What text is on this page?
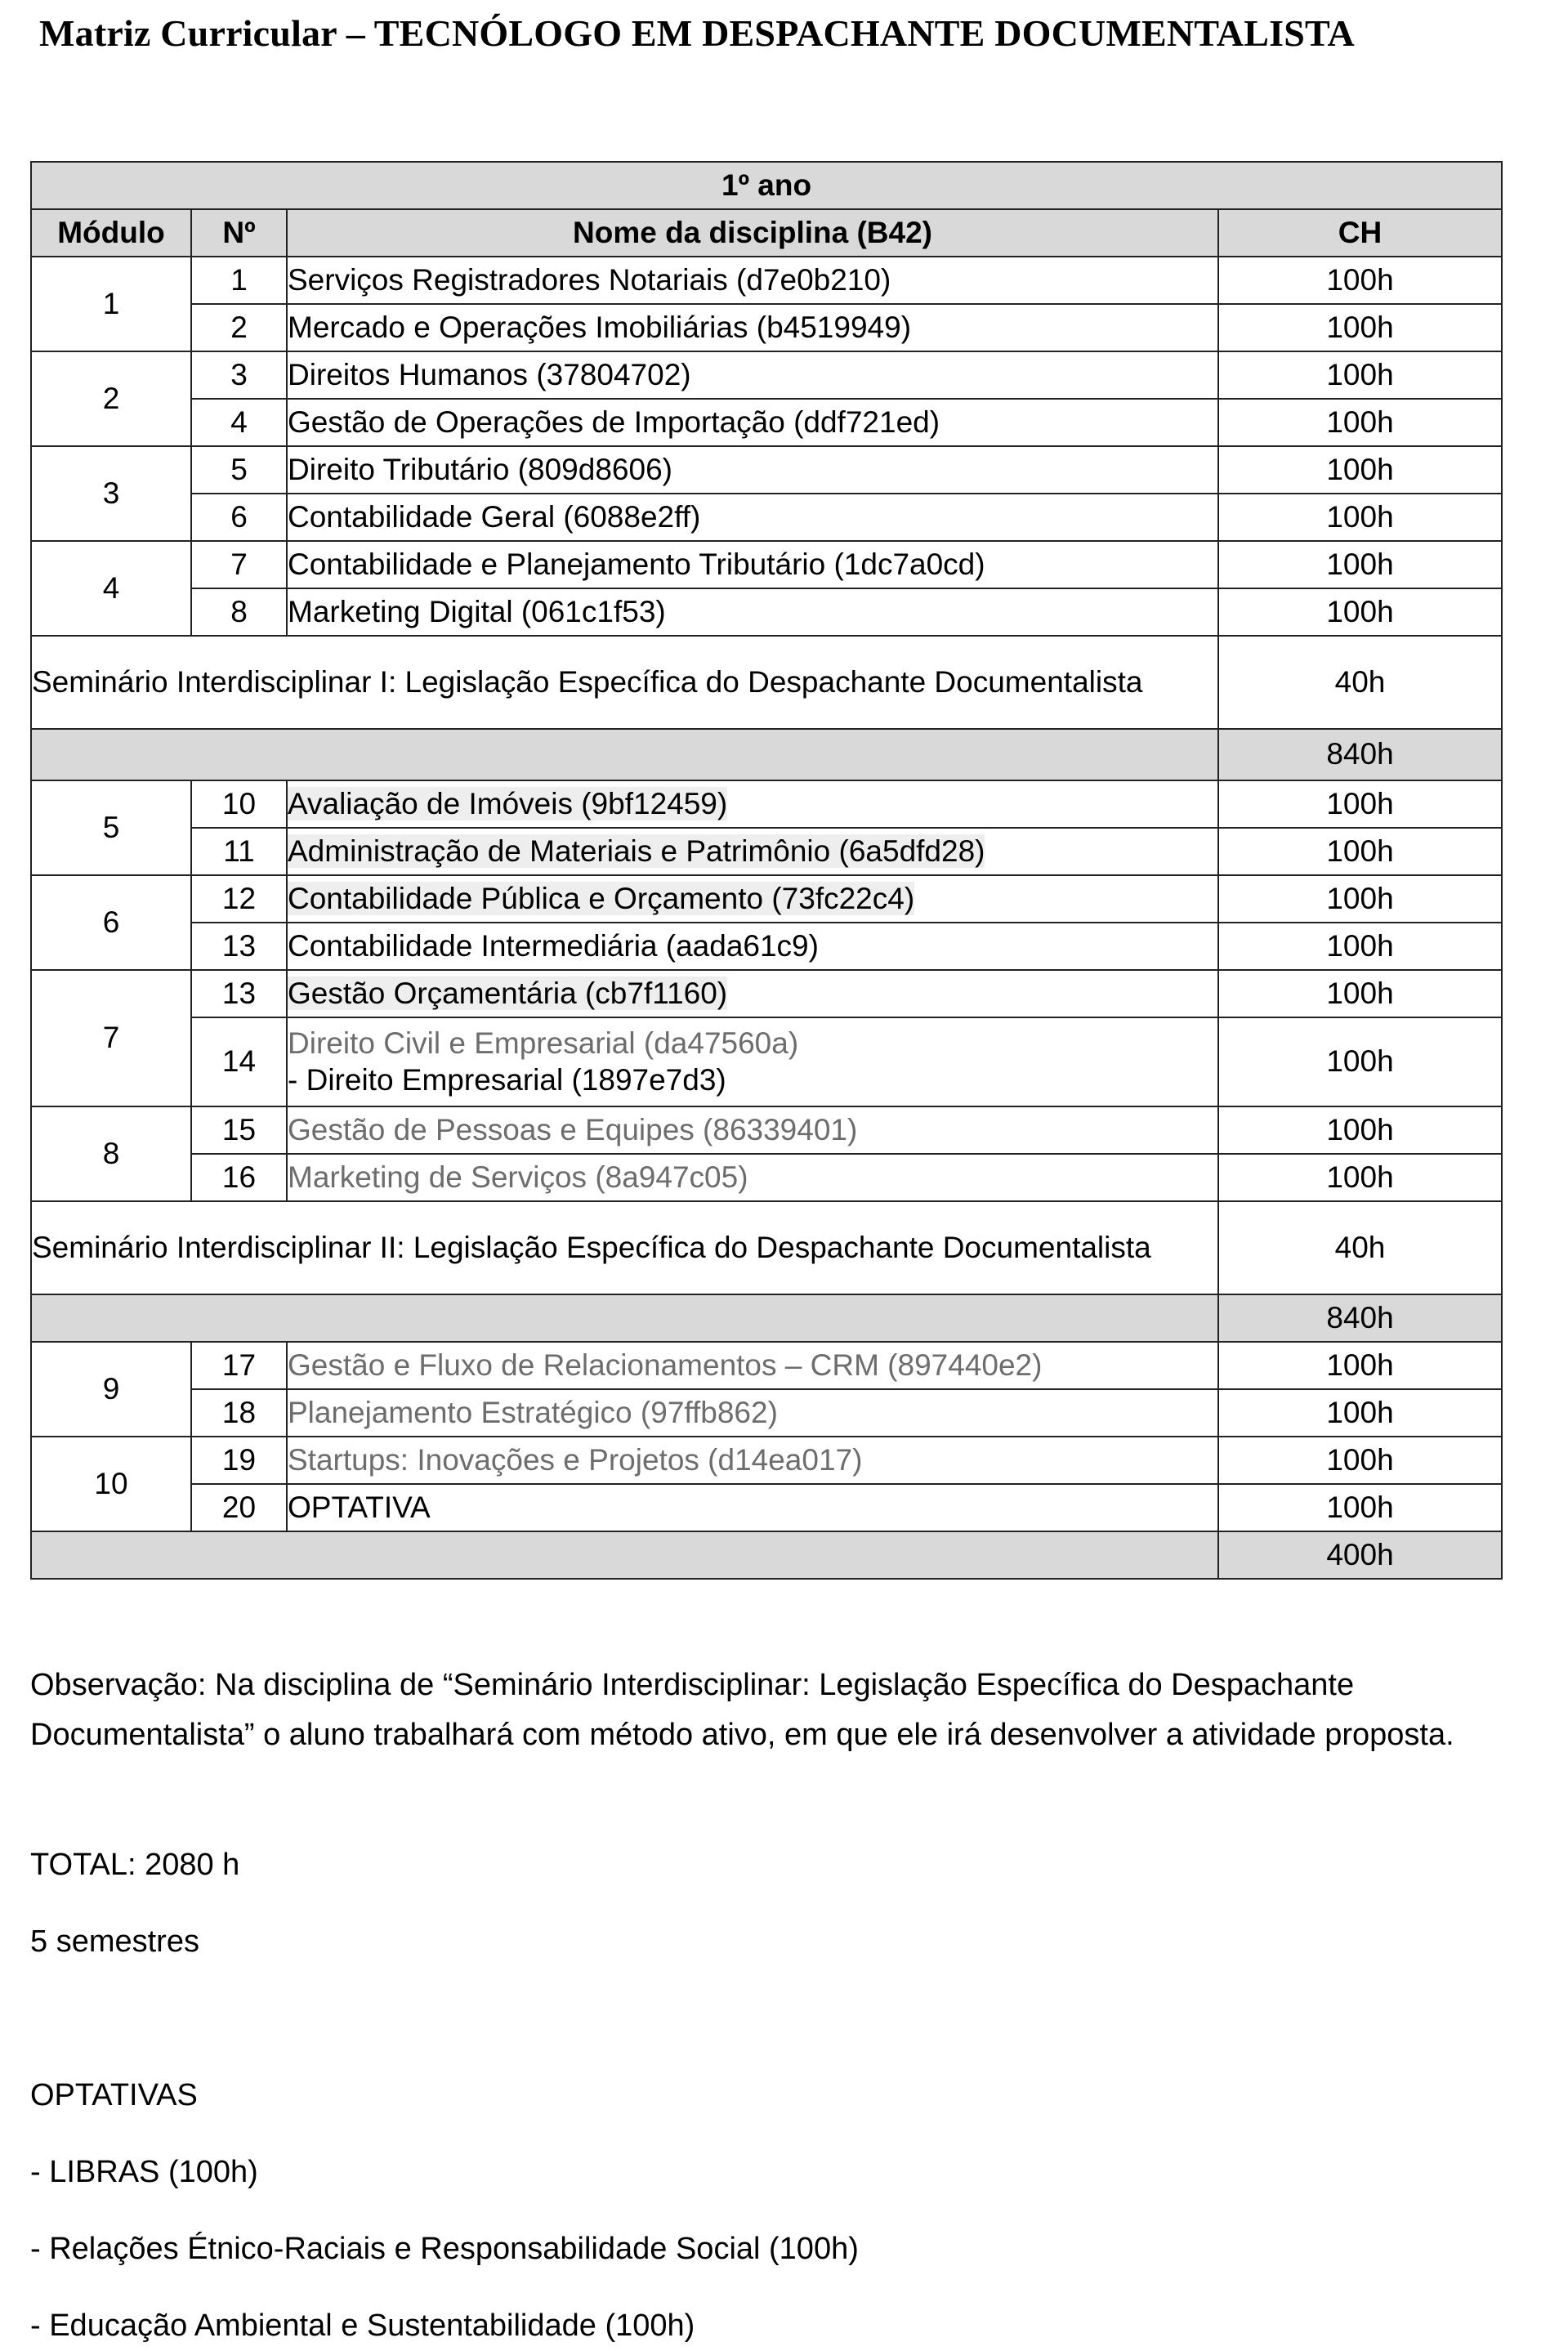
Matriz Curricular – TECNÓLOGO EM DESPACHANTE DOCUMENTALISTA
1º ano			
Módulo	Nº	Nome da disciplina (B42)	CH
1	1	Serviços Registradores Notariais (d7e0b210)	100h
	2	Mercado e Operações Imobiliárias (b4519949)	100h
2	3	Direitos Humanos (37804702)	100h
	4	Gestão de Operações de Importação (ddf721ed)	100h
3	5	Direito Tributário (809d8606)	100h
	6	Contabilidade Geral (6088e2ff)	100h
4	7	Contabilidade e Planejamento Tributário (1dc7a0cd)	100h
	8	Marketing Digital (061c1f53)	100h
Seminário Interdisciplinar I: Legislação Específica do Despachante Documentalista			40h
			840h
5	10	Avaliação de Imóveis (9bf12459)	100h
	11	Administração de Materiais e Patrimônio (6a5dfd28)	100h
6	12	Contabilidade Pública e Orçamento (73fc22c4)	100h
	13	Contabilidade Intermediária (aada61c9)	100h
7	13	Gestão Orçamentária (cb7f1160)	100h
	14	Direito Civil e Empresarial (da47560a)
- Direito Empresarial (1897e7d3)	100h
8	15	Gestão de Pessoas e Equipes (86339401)	100h
	16	Marketing de Serviços (8a947c05)	100h
Seminário Interdisciplinar II: Legislação Específica do Despachante Documentalista			40h
			840h
9	17	Gestão e Fluxo de Relacionamentos – CRM (897440e2)	100h
	18	Planejamento Estratégico (97ffb862)	100h
10	19	Startups: Inovações e Projetos (d14ea017)	100h
	20	OPTATIVA	100h
			400h

Observação: Na disciplina de “Seminário Interdisciplinar: Legislação Específica do Despachante Documentalista” o aluno trabalhará com método ativo, em que ele irá desenvolver a atividade proposta.

TOTAL: 2080 h

5 semestres

OPTATIVAS

- LIBRAS (100h)

- Relações Étnico-Raciais e Responsabilidade Social (100h)

- Educação Ambiental e Sustentabilidade (100h)
